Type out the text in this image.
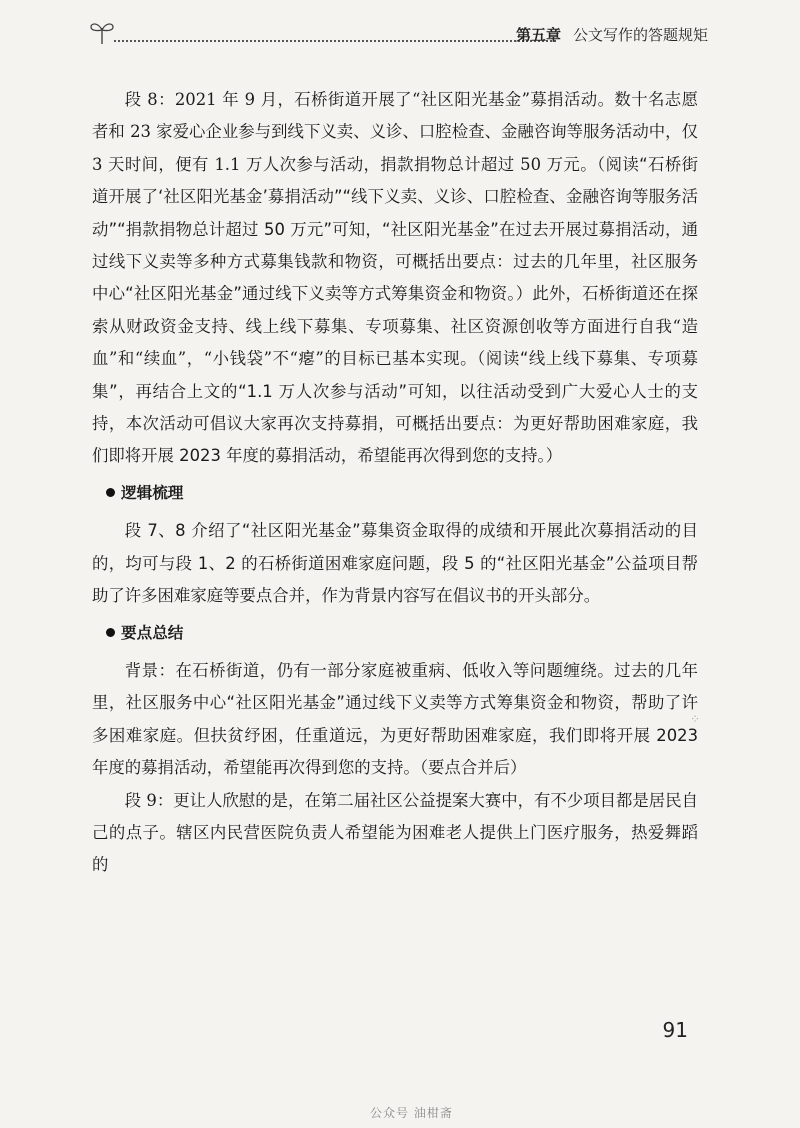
第五章 公文写作的答题规矩

段 8：2021 年 9 月，石桥街道开展了“社区阳光基金”募捐活动。数十名志愿者和 23 家爱心企业参与到线下义卖、义诊、口腔检查、金融咨询等服务活动中，仅 3 天时间，便有 1.1 万人次参与活动，捐款捐物总计超过 50 万元。（阅读“石桥街道开展了‘社区阳光基金’募捐活动”“线下义卖、义诊、口腔检查、金融咨询等服务活动”“捐款捐物总计超过 50 万元”可知，“社区阳光基金”在过去开展过募捐活动，通过线下义卖等多种方式募集钱款和物资，可概括出要点：过去的几年里，社区服务中心“社区阳光基金”通过线下义卖等方式筹集资金和物资。）此外，石桥街道还在探索从财政资金支持、线上线下募集、专项募集、社区资源创收等方面进行自我“造血”和“续血”，“小钱袋”不“瘪”的目标已基本实现。（阅读“线上线下募集、专项募集”，再结合上文的“1.1 万人次参与活动”可知，以往活动受到广大爱心人士的支持，本次活动可倡议大家再次支持募捐，可概括出要点：为更好帮助困难家庭，我们即将开展 2023 年度的募捐活动，希望能再次得到您的支持。）

逻辑梳理

段 7、8 介绍了“社区阳光基金”募集资金取得的成绩和开展此次募捐活动的目的，均可与段 1、2 的石桥街道困难家庭问题，段 5 的“社区阳光基金”公益项目帮助了许多困难家庭等要点合并，作为背景内容写在倡议书的开头部分。

要点总结

背景：在石桥街道，仍有一部分家庭被重病、低收入等问题缠绕。过去的几年里，社区服务中心“社区阳光基金”通过线下义卖等方式筹集资金和物资，帮助了许多困难家庭。但扶贫纾困，任重道远，为更好帮助困难家庭，我们即将开展 2023 年度的募捐活动，希望能再次得到您的支持。（要点合并后）

段 9：更让人欣慰的是，在第二届社区公益提案大赛中，有不少项目都是居民自己的点子。辖区内民营医院负责人希望能为困难老人提供上门医疗服务，热爱舞蹈的

⁘
91
公众号 油柑斋
